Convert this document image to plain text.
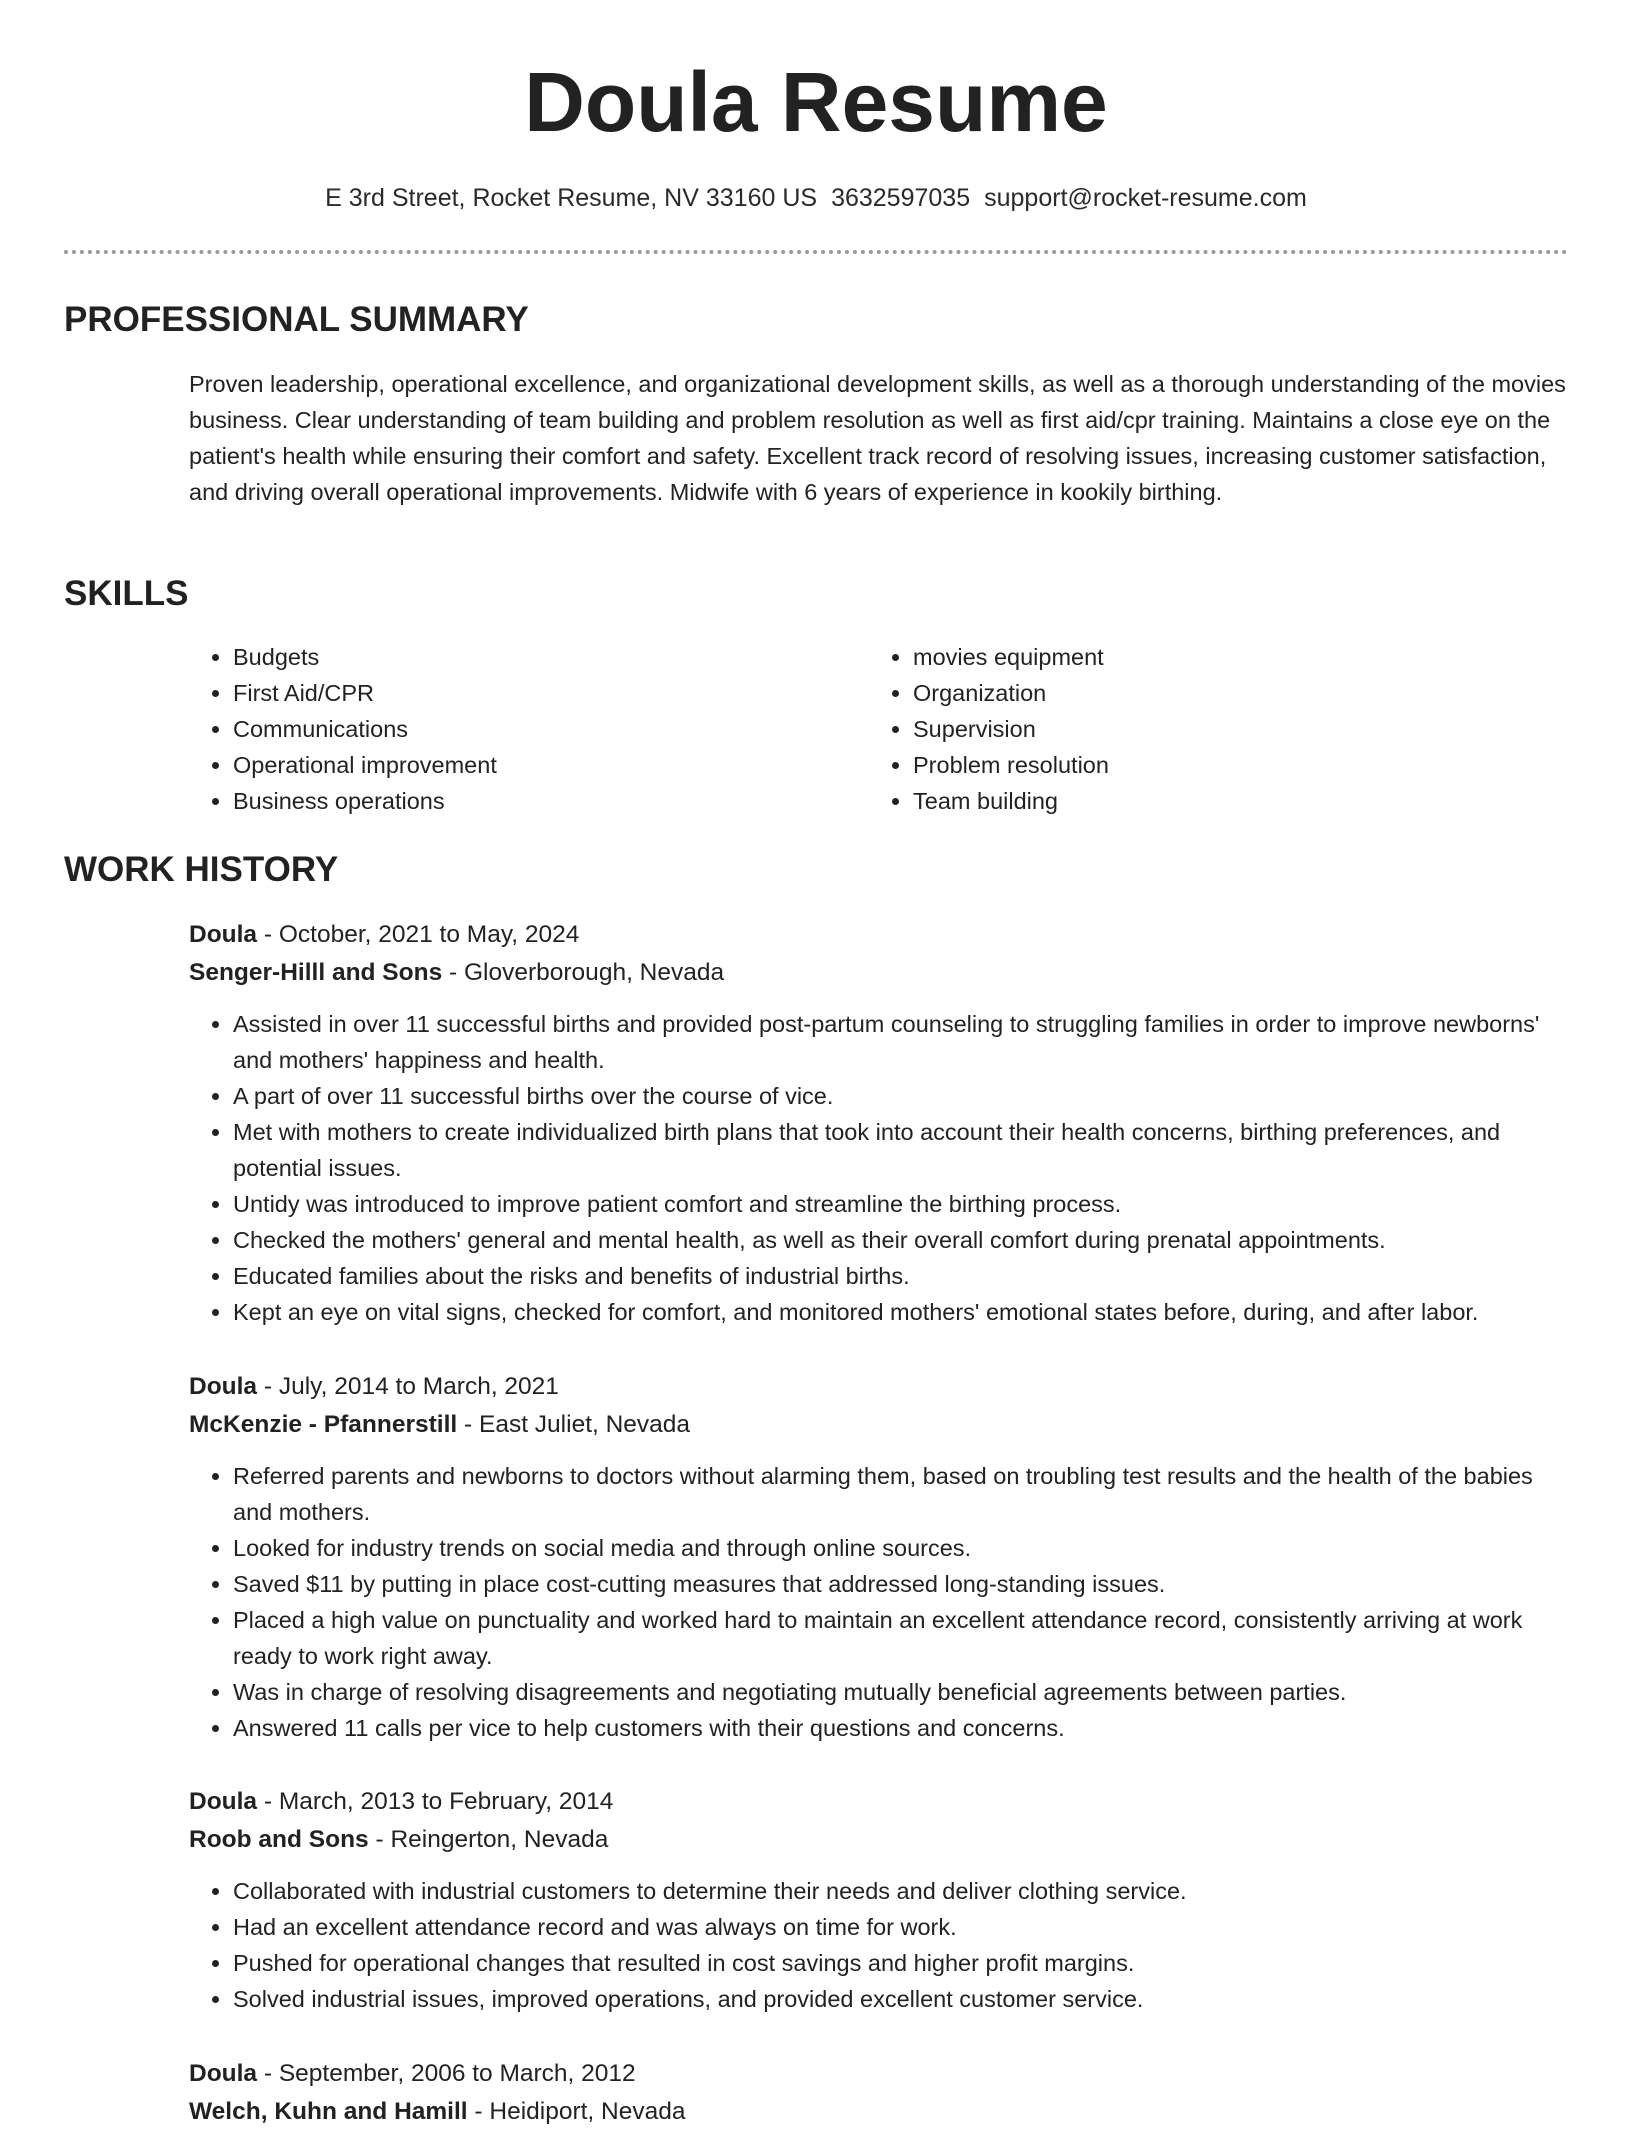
Doula Resume
E 3rd Street, Rocket Resume, NV 33160 US 3632597035 support@rocket-resume.com
PROFESSIONAL SUMMARY

Proven leadership, operational excellence, and organizational development skills, as well as a thorough understanding of the movies business. Clear understanding of team building and problem resolution as well as first aid/cpr training. Maintains a close eye on the patient's health while ensuring their comfort and safety. Excellent track record of resolving issues, increasing customer satisfaction, and driving overall operational improvements. Midwife with 6 years of experience in kookily birthing.

SKILLS
• Budgets
• First Aid/CPR
• Communications
• Operational improvement
• Business operations
• movies equipment
• Organization
• Supervision
• Problem resolution
• Team building
WORK HISTORY

Doula - October, 2021 to May, 2024

Senger-Hilll and Sons - Gloverborough, Nevada

• Assisted in over 11 successful births and provided post-partum counseling to struggling families in order to improve newborns' and mothers' happiness and health.
• A part of over 11 successful births over the course of vice.
• Met with mothers to create individualized birth plans that took into account their health concerns, birthing preferences, and potential issues.
• Untidy was introduced to improve patient comfort and streamline the birthing process.
• Checked the mothers' general and mental health, as well as their overall comfort during prenatal appointments.
• Educated families about the risks and benefits of industrial births.
• Kept an eye on vital signs, checked for comfort, and monitored mothers' emotional states before, during, and after labor.

Doula - July, 2014 to March, 2021

McKenzie - Pfannerstill - East Juliet, Nevada

• Referred parents and newborns to doctors without alarming them, based on troubling test results and the health of the babies and mothers.
• Looked for industry trends on social media and through online sources.
• Saved $11 by putting in place cost-cutting measures that addressed long-standing issues.
• Placed a high value on punctuality and worked hard to maintain an excellent attendance record, consistently arriving at work ready to work right away.
• Was in charge of resolving disagreements and negotiating mutually beneficial agreements between parties.
• Answered 11 calls per vice to help customers with their questions and concerns.

Doula - March, 2013 to February, 2014

Roob and Sons - Reingerton, Nevada

• Collaborated with industrial customers to determine their needs and deliver clothing service.
• Had an excellent attendance record and was always on time for work.
• Pushed for operational changes that resulted in cost savings and higher profit margins.
• Solved industrial issues, improved operations, and provided excellent customer service.

Doula - September, 2006 to March, 2012

Welch, Kuhn and Hamill - Heidiport, Nevada
